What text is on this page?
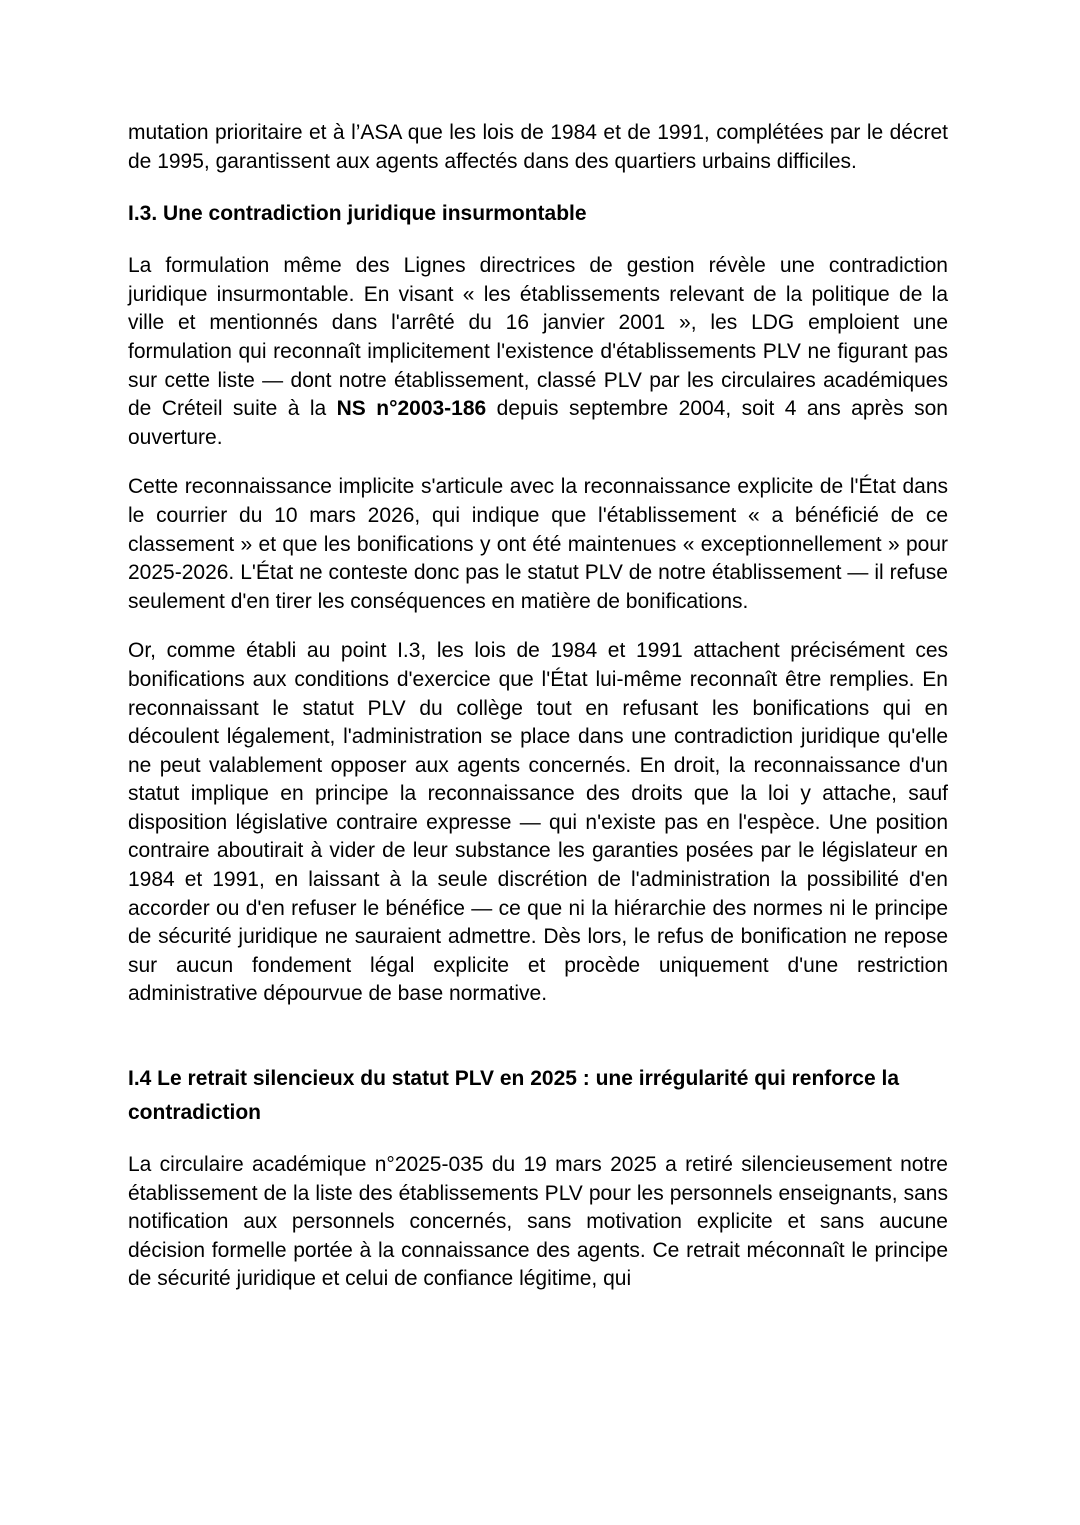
mutation prioritaire et à l’ASA que les lois de 1984 et de 1991, complétées par le décret de 1995, garantissent aux agents affectés dans des quartiers urbains difficiles.

I.3. Une contradiction juridique insurmontable

La formulation même des Lignes directrices de gestion révèle une contradiction juridique insurmontable. En visant « les établissements relevant de la politique de la ville et mentionnés dans l'arrêté du 16 janvier 2001 », les LDG emploient une formulation qui reconnaît implicitement l'existence d'établissements PLV ne figurant pas sur cette liste — dont notre établissement, classé PLV par les circulaires académiques de Créteil suite à la NS n°2003-186 depuis septembre 2004, soit 4 ans après son ouverture.

Cette reconnaissance implicite s'articule avec la reconnaissance explicite de l'État dans le courrier du 10 mars 2026, qui indique que l'établissement « a bénéficié de ce classement » et que les bonifications y ont été maintenues « exceptionnellement » pour 2025-2026. L'État ne conteste donc pas le statut PLV de notre établissement — il refuse seulement d'en tirer les conséquences en matière de bonifications.

Or, comme établi au point I.3, les lois de 1984 et 1991 attachent précisément ces bonifications aux conditions d'exercice que l'État lui-même reconnaît être remplies. En reconnaissant le statut PLV du collège tout en refusant les bonifications qui en découlent légalement, l'administration se place dans une contradiction juridique qu'elle ne peut valablement opposer aux agents concernés. En droit, la reconnaissance d'un statut implique en principe la reconnaissance des droits que la loi y attache, sauf disposition législative contraire expresse — qui n'existe pas en l'espèce. Une position contraire aboutirait à vider de leur substance les garanties posées par le législateur en 1984 et 1991, en laissant à la seule discrétion de l'administration la possibilité d'en accorder ou d'en refuser le bénéfice — ce que ni la hiérarchie des normes ni le principe de sécurité juridique ne sauraient admettre. Dès lors, le refus de bonification ne repose sur aucun fondement légal explicite et procède uniquement d'une restriction administrative dépourvue de base normative.

I.4 Le retrait silencieux du statut PLV en 2025 : une irrégularité qui renforce la contradiction

La circulaire académique n°2025-035 du 19 mars 2025 a retiré silencieusement notre établissement de la liste des établissements PLV pour les personnels enseignants, sans notification aux personnels concernés, sans motivation explicite et sans aucune décision formelle portée à la connaissance des agents. Ce retrait méconnaît le principe de sécurité juridique et celui de confiance légitime, qui
